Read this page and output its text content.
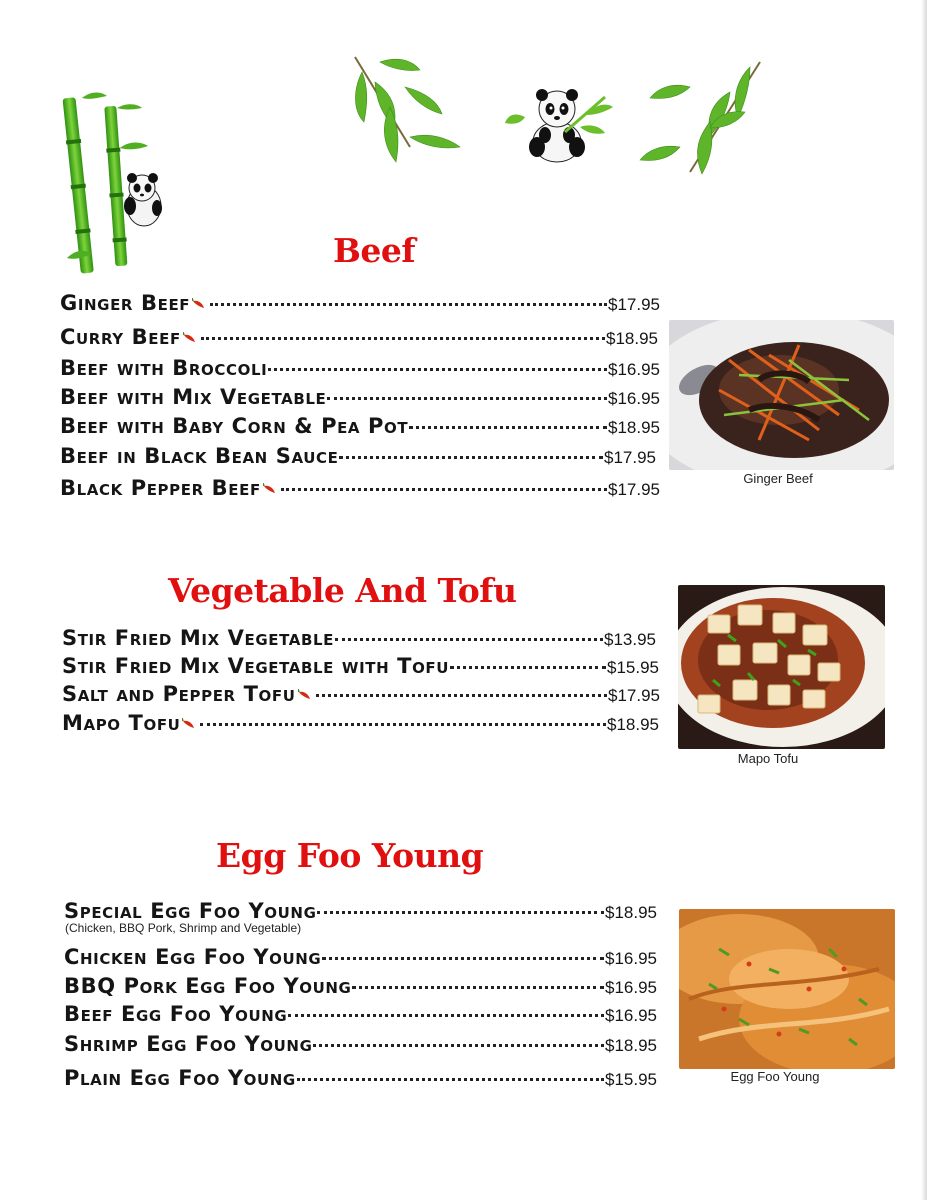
Beef
Ginger Beef	$17.95
Curry Beef	$18.95
Beef with Broccoli	$16.95
Beef with Mix Vegetable	$16.95
Beef with Baby Corn & Pea Pot	$18.95
Beef in Black Bean Sauce	$17.95
Black Pepper Beef	$17.95
Ginger Beef
Vegetable And Tofu
Stir Fried Mix Vegetable	$13.95
Stir Fried Mix Vegetable with Tofu	$15.95
Salt and Pepper Tofu	$17.95
Mapo Tofu	$18.95
Mapo Tofu
Egg Foo Young
Special Egg Foo Young	$18.95
(Chicken, BBQ Pork, Shrimp and Vegetable)
Chicken Egg Foo Young	$16.95
BBQ Pork Egg Foo Young	$16.95
Beef Egg Foo Young	$16.95
Shrimp Egg Foo Young	$18.95
Plain Egg Foo Young	$15.95	Egg Foo Young
